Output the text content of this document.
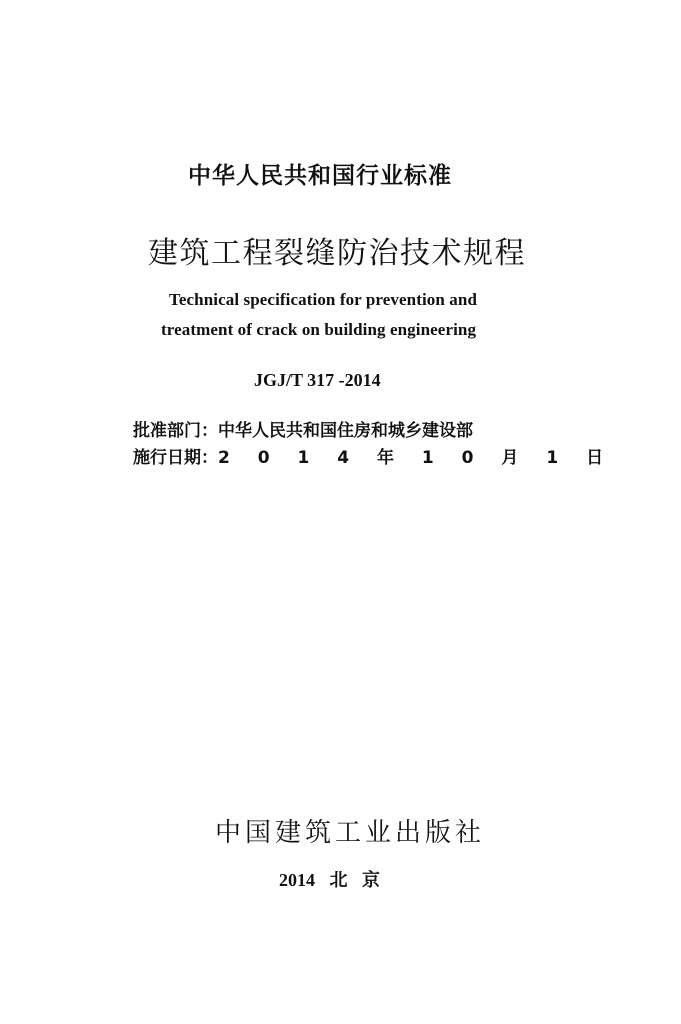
中华人民共和国行业标准
建筑工程裂缝防治技术规程
Technical specification for prevention and
treatment of crack on building engineering
JGJ/T 317 -2014
批准部门：中华人民共和国住房和城乡建设部
施行日期：2 0 1 4 年 1 0 月 1 日
中国建筑工业出版社
2014 北 京
